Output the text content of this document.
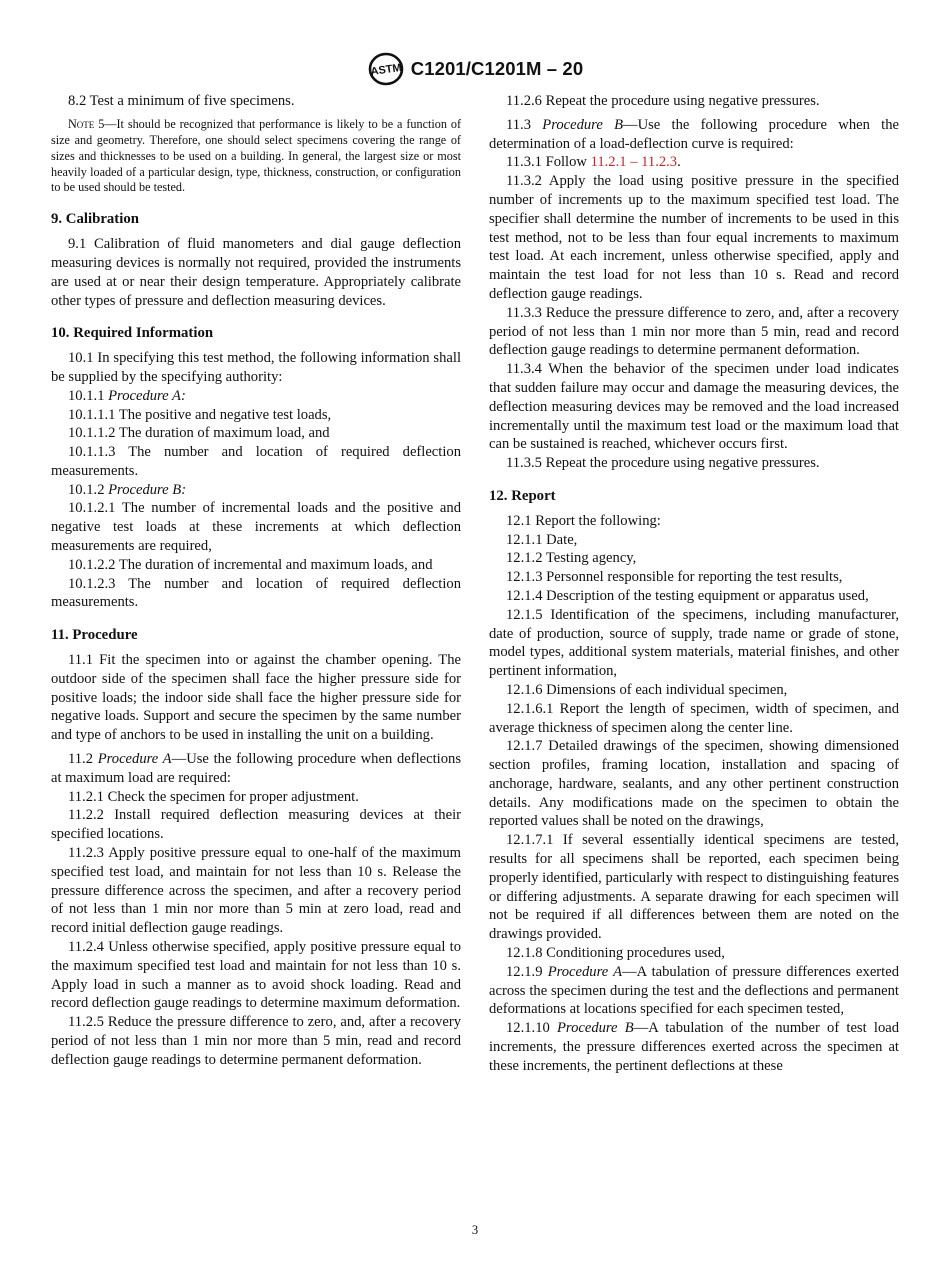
ASTM C1201/C1201M – 20

8.2 Test a minimum of five specimens.

Note 5—It should be recognized that performance is likely to be a function of size and geometry. Therefore, one should select specimens covering the range of sizes and thicknesses to be used on a building. In general, the largest size or most heavily loaded of a particular design, type, thickness, construction, or configuration to be used should be tested.

9. Calibration

9.1 Calibration of fluid manometers and dial gauge deflection measuring devices is normally not required, provided the instruments are used at or near their design temperature. Appropriately calibrate other types of pressure and deflection measuring devices.

10. Required Information

10.1 In specifying this test method, the following information shall be supplied by the specifying authority:

10.1.1 Procedure A:

10.1.1.1 The positive and negative test loads,

10.1.1.2 The duration of maximum load, and

10.1.1.3 The number and location of required deflection measurements.

10.1.2 Procedure B:

10.1.2.1 The number of incremental loads and the positive and negative test loads at these increments at which deflection measurements are required,

10.1.2.2 The duration of incremental and maximum loads, and

10.1.2.3 The number and location of required deflection measurements.

11. Procedure

11.1 Fit the specimen into or against the chamber opening. The outdoor side of the specimen shall face the higher pressure side for positive loads; the indoor side shall face the higher pressure side for negative loads. Support and secure the specimen by the same number and type of anchors to be used in installing the unit on a building.

11.2 Procedure A—Use the following procedure when deflections at maximum load are required:

11.2.1 Check the specimen for proper adjustment.

11.2.2 Install required deflection measuring devices at their specified locations.

11.2.3 Apply positive pressure equal to one-half of the maximum specified test load, and maintain for not less than 10 s. Release the pressure difference across the specimen, and after a recovery period of not less than 1 min nor more than 5 min at zero load, read and record initial deflection gauge readings.

11.2.4 Unless otherwise specified, apply positive pressure equal to the maximum specified test load and maintain for not less than 10 s. Apply load in such a manner as to avoid shock loading. Read and record deflection gauge readings to determine maximum deformation.

11.2.5 Reduce the pressure difference to zero, and, after a recovery period of not less than 1 min nor more than 5 min, read and record deflection gauge readings to determine permanent deformation.

11.2.6 Repeat the procedure using negative pressures.

11.3 Procedure B—Use the following procedure when the determination of a load-deflection curve is required:

11.3.1 Follow 11.2.1 – 11.2.3.

11.3.2 Apply the load using positive pressure in the specified number of increments up to the maximum specified test load. The specifier shall determine the number of increments to be used in this test method, not to be less than four equal increments to maximum test load. At each increment, unless otherwise specified, apply and maintain the test load for not less than 10 s. Read and record deflection gauge readings.

11.3.3 Reduce the pressure difference to zero, and, after a recovery period of not less than 1 min nor more than 5 min, read and record deflection gauge readings to determine permanent deformation.

11.3.4 When the behavior of the specimen under load indicates that sudden failure may occur and damage the measuring devices, the deflection measuring devices may be removed and the load increased incrementally until the maximum test load or the maximum load that can be sustained is reached, whichever occurs first.

11.3.5 Repeat the procedure using negative pressures.

12. Report

12.1 Report the following:

12.1.1 Date,

12.1.2 Testing agency,

12.1.3 Personnel responsible for reporting the test results,

12.1.4 Description of the testing equipment or apparatus used,

12.1.5 Identification of the specimens, including manufacturer, date of production, source of supply, trade name or grade of stone, model types, additional system materials, material finishes, and other pertinent information,

12.1.6 Dimensions of each individual specimen,

12.1.6.1 Report the length of specimen, width of specimen, and average thickness of specimen along the center line.

12.1.7 Detailed drawings of the specimen, showing dimensioned section profiles, framing location, installation and spacing of anchorage, hardware, sealants, and any other pertinent construction details. Any modifications made on the specimen to obtain the reported values shall be noted on the drawings,

12.1.7.1 If several essentially identical specimens are tested, results for all specimens shall be reported, each specimen being properly identified, particularly with respect to distinguishing features or differing adjustments. A separate drawing for each specimen will not be required if all differences between them are noted on the drawings provided.

12.1.8 Conditioning procedures used,

12.1.9 Procedure A—A tabulation of pressure differences exerted across the specimen during the test and the deflections and permanent deformations at locations specified for each specimen tested,

12.1.10 Procedure B—A tabulation of the number of test load increments, the pressure differences exerted across the specimen at these increments, the pertinent deflections at these

3
